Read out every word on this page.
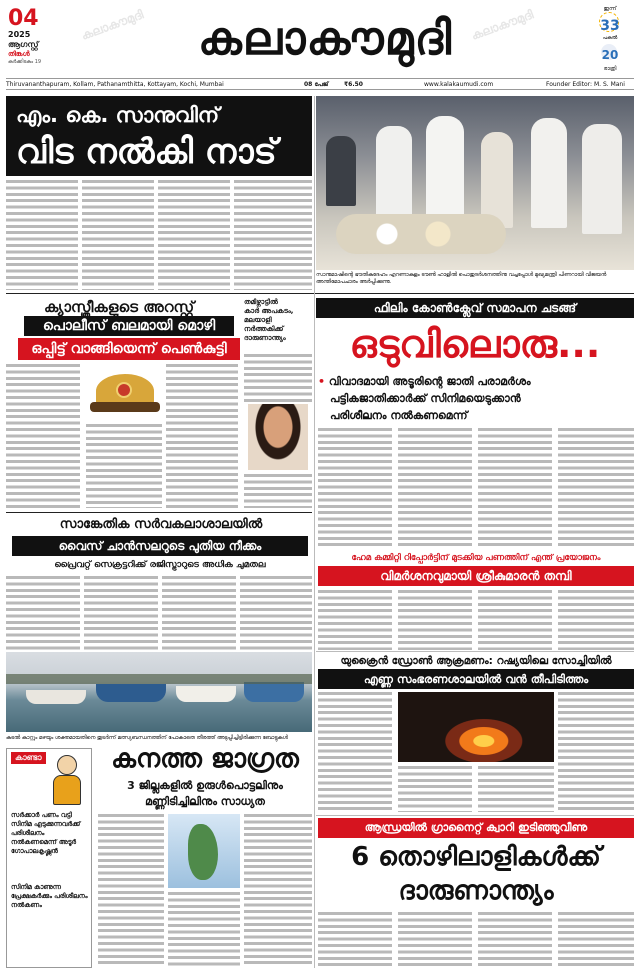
04
2025
ആഗസ്റ്റ്
തിങ്കൾ
കർക്കിടകം 19
കലാകൗമുദി	കലാകൗമുദി
കലാകൗമുദി
ഇന്ന്
33
പകൽ
20
രാത്രി
Thiruvananthapuram, Kollam, Pathanamthitta, Kottayam, Kochi, Mumbai	08 പേജ്	₹6.50	www.kalakaumudi.com	Founder Editor: M. S. Mani
എം. കെ. സാനുവിന്
വിട നൽകി നാട്
സാനുമാഷിന്റെ ഭൗതികദേഹം എറണാകുളം ടൗൺ ഹാളിൽ പൊതുദർശനത്തിനു വച്ചപ്പോൾ മുഖ്യമന്ത്രി പിണറായി വിജയൻ അന്തിമോപചാരം അർപ്പിക്കുന്നു.
ക്യാസ്ത്രീകളുടെ അറസ്റ്റ്
പൊലീസ് ബലമായി മൊഴി
ഒപ്പിട്ട് വാങ്ങിയെന്ന് പെൺകുട്ടി
തമിഴ്നാട്ടിൽ
കാർ അപകടം,
മലയാളി നർത്തകിക്ക്
ദാരുണാന്ത്യം
ഫിലിം കോൺക്ലേവ് സമാപന ചടങ്ങ്
ഒടുവിലൊരു...
• വിവാദമായി അടൂരിന്റെ ജാതി പരാമർശം
പട്ടികജാതിക്കാർക്ക് സിനിമയെടുക്കാൻ
പരിശീലനം നൽകണമെന്ന്
ഹേമ കമ്മിറ്റി റിപ്പോർട്ടിന് മുടക്കിയ പണത്തിന് എന്ത് പ്രയോജനം
വിമർശനവുമായി ശ്രീകുമാരൻ തമ്പി
സാങ്കേതിക സർവകലാശാലയിൽ
വൈസ് ചാൻസലറുടെ പുതിയ നീക്കം
പ്രൈവറ്റ് സെക്രട്ടറിക്ക് രജിസ്ട്രാറുടെ അധിക ചുമതല
കടൽ കാറ്റും മഴയും ശക്തമായതിനെ തുടർന്ന് മത്സ്യബന്ധനത്തിന് പോകാതെ തീരത്ത് അടുപ്പിച്ചിട്ടിരിക്കുന്ന ബോട്ടുകൾ
യുക്രൈൻ ഡ്രോൺ ആക്രമണം: റഷ്യയിലെ സോച്ചിയിൽ
എണ്ണ സംഭരണശാലയിൽ വൻ തീപിടിത്തം
കാണ്ടാ
സർക്കാർ പണം വട്ടി സിനിമ എടുക്കുന്നവർക്ക് പരിശീലനം നൽകണമെന്ന് അടൂർ ഗോപാലകൃഷ്ണൻ
സിനിമ കാണുന്ന പ്രേക്ഷകർക്കും പരിശീലനം നൽകണം
കനത്ത ജാഗ്രത
3 ജില്ലകളിൽ ഉരുൾപൊട്ടലിനും
മണ്ണിടിച്ചിലിനും സാധ്യത
ആന്ധ്രയിൽ ഗ്രാനൈറ്റ് ക്വാറി ഇടിഞ്ഞുവീണു
6 തൊഴിലാളികൾക്ക്
ദാരുണാന്ത്യം
